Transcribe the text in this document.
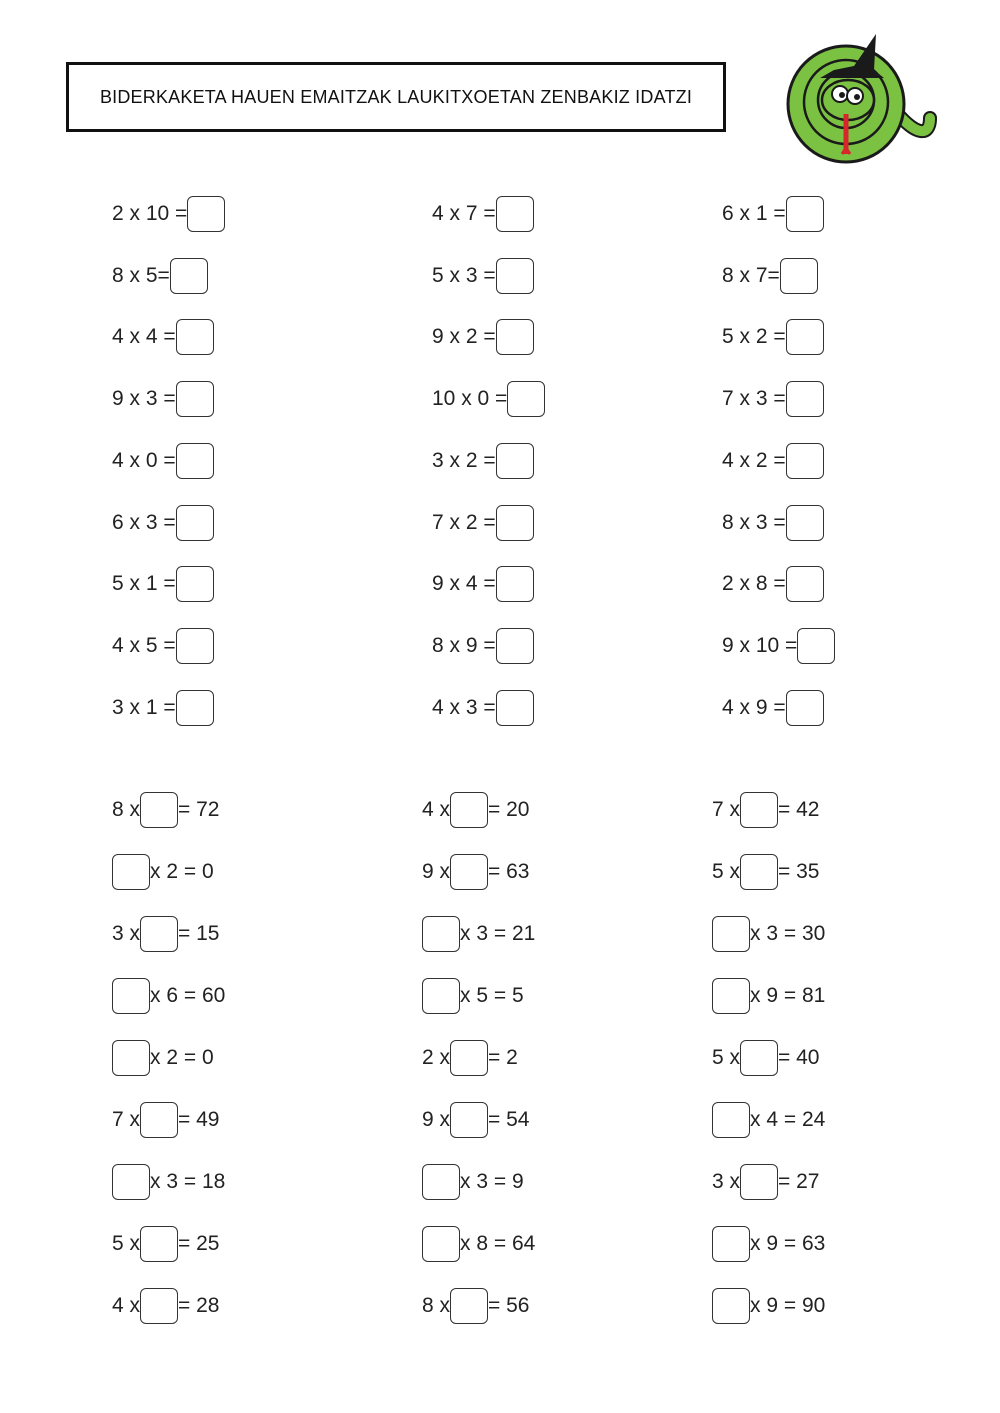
BIDERKAKETA HAUEN EMAITZAK LAUKITXOETAN ZENBAKIZ IDATZI
2 x 10 =	4 x 7 =	6 x 1 =
8 x 5=	5 x 3 =	8 x 7=
4 x 4 =	9 x 2 =	5 x 2 =
9 x 3 =	10 x 0 =	7 x 3 =
4 x 0 =	3 x 2 =	4 x 2 =
6 x 3 =	7 x 2 =	8 x 3 =
5 x 1 =	9 x 4 =	2 x 8 =
4 x 5 =	8 x 9 =	9 x 10 =
3 x 1 =	4 x 3 =	4 x 9 =
8 x = 72	4 x = 20	7 x = 42
x 2 = 0	9 x = 63	5 x = 35
3 x = 15	x 3 = 21	x 3 = 30
x 6 = 60	x 5 = 5	x 9 = 81
x 2 = 0	2 x = 2	5 x = 40
7 x = 49	9 x = 54	x 4 = 24
x 3 = 18	x 3 = 9	3 x = 27
5 x = 25	x 8 = 64	x 9 = 63
4 x = 28	8 x = 56	x 9 = 90
